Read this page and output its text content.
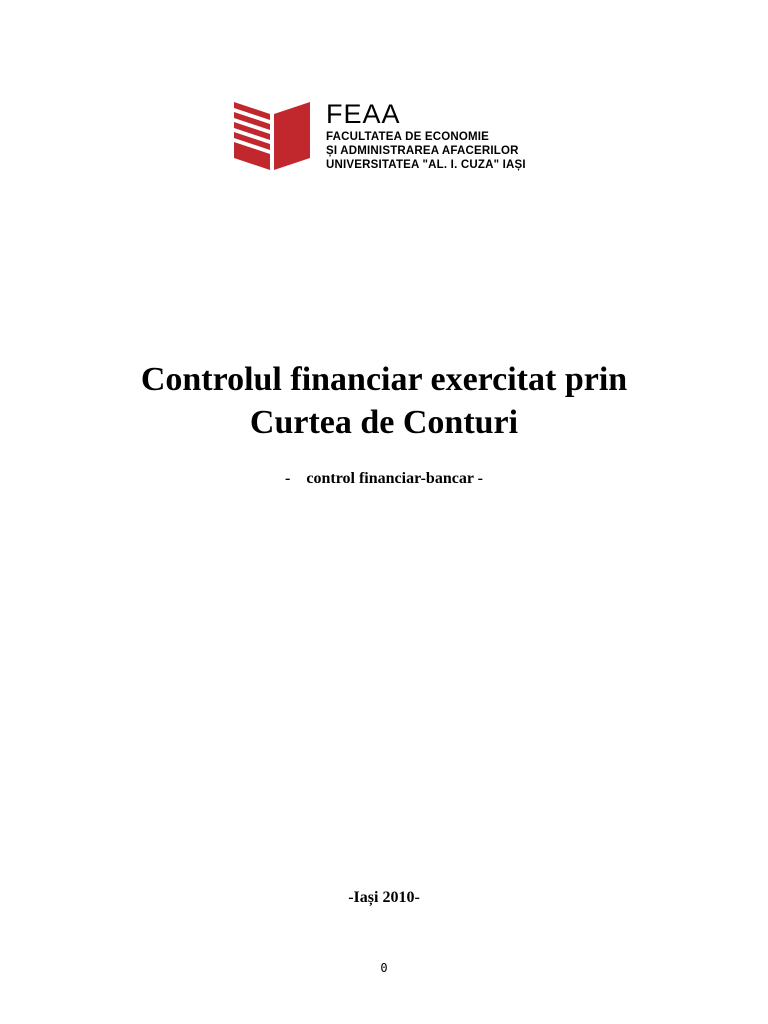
FEAA
FACULTATEA DE ECONOMIE
ȘI ADMINISTRAREA AFACERILOR
UNIVERSITATEA "AL. I. CUZA" IAȘI
Controlul financiar exercitat prin
Curtea de Conturi
-    control financiar-bancar -
-Iași 2010-
0
